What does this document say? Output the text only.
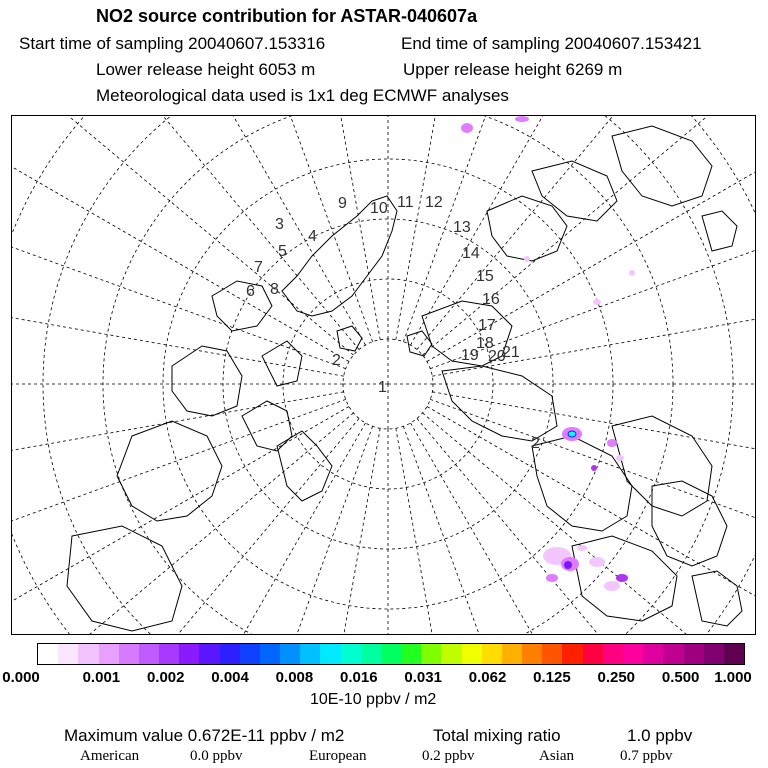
NO2 source contribution for ASTAR-040607a
Start time of sampling 20040607.153316	End time of sampling 20040607.153421
Lower release height 6053 m	Upper release height 6269 m
Meteorological data used is 1x1 deg ECMWF analyses
1
2
2
3
4
5
6
7
8
9 10 11 12
13
14
15
16
17
18
19 20
21
0.000	0.001 0.002 0.004 0.008 0.016 0.031 0.062 0.125 0.250 0.500 1.000
10E-10 ppbv / m2
Maximum value 0.672E-11 ppbv / m2	Total mixing ratio	1.0 ppbv
American	0.0 ppbv	European	0.2 ppbv	Asian	0.7 ppbv
